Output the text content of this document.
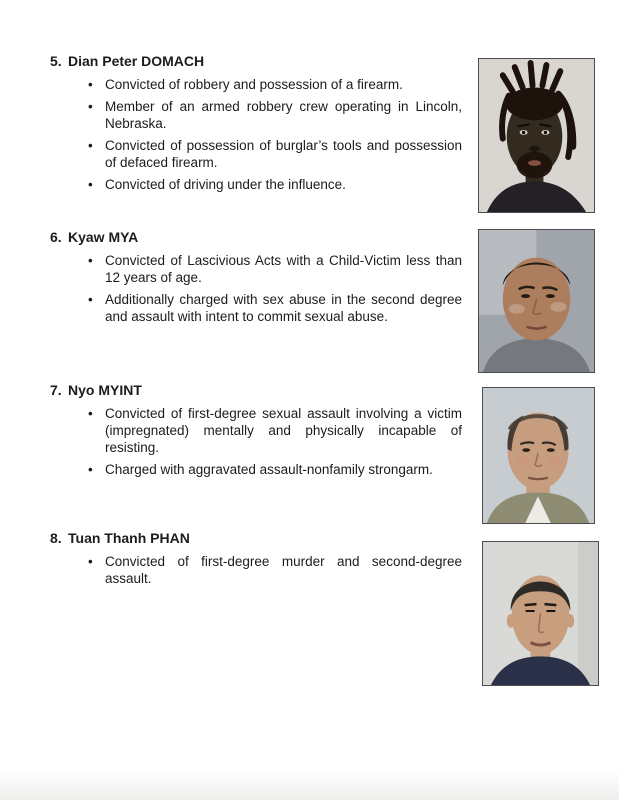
5. Dian Peter DOMACH
• Convicted of robbery and possession of a firearm.
• Member of an armed robbery crew operating in Lincoln, Nebraska.
• Convicted of possession of burglar’s tools and possession of defaced firearm.
• Convicted of driving under the influence.
6. Kyaw MYA
• Convicted of Lascivious Acts with a Child-Victim less than 12 years of age.
• Additionally charged with sex abuse in the second degree and assault with intent to commit sexual abuse.
7. Nyo MYINT
• Convicted of first-degree sexual assault involving a victim (impregnated) mentally and physically incapable of resisting.
• Charged with aggravated assault-nonfamily strongarm.
8. Tuan Thanh PHAN
• Convicted of first-degree murder and second-degree assault.
